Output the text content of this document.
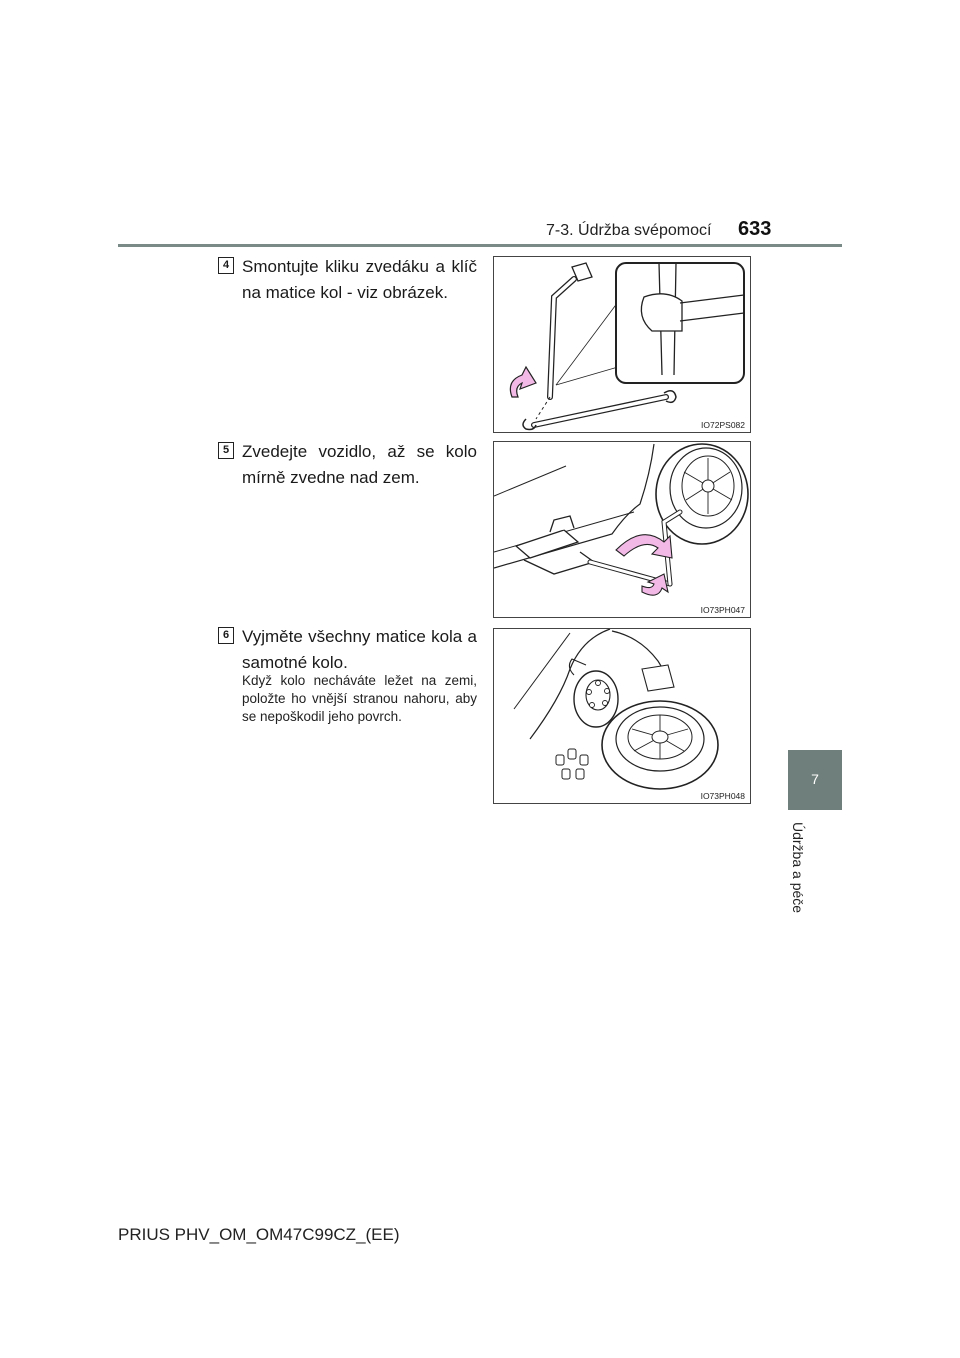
7-3. Údržba svépomocí 633
7
Údržba a péče
4 Smontujte kliku zvedáku a klíč na matice kol - viz obrázek.
IO72PS082
5 Zvedejte vozidlo, až se kolo mírně zvedne nad zem.
IO73PH047
6 Vyjměte všechny matice kola a samotné kolo.
Když kolo necháváte ležet na zemi, položte ho vnější stranou nahoru, aby se nepoškodil jeho povrch.
IO73PH048
PRIUS PHV_OM_OM47C99CZ_(EE)
